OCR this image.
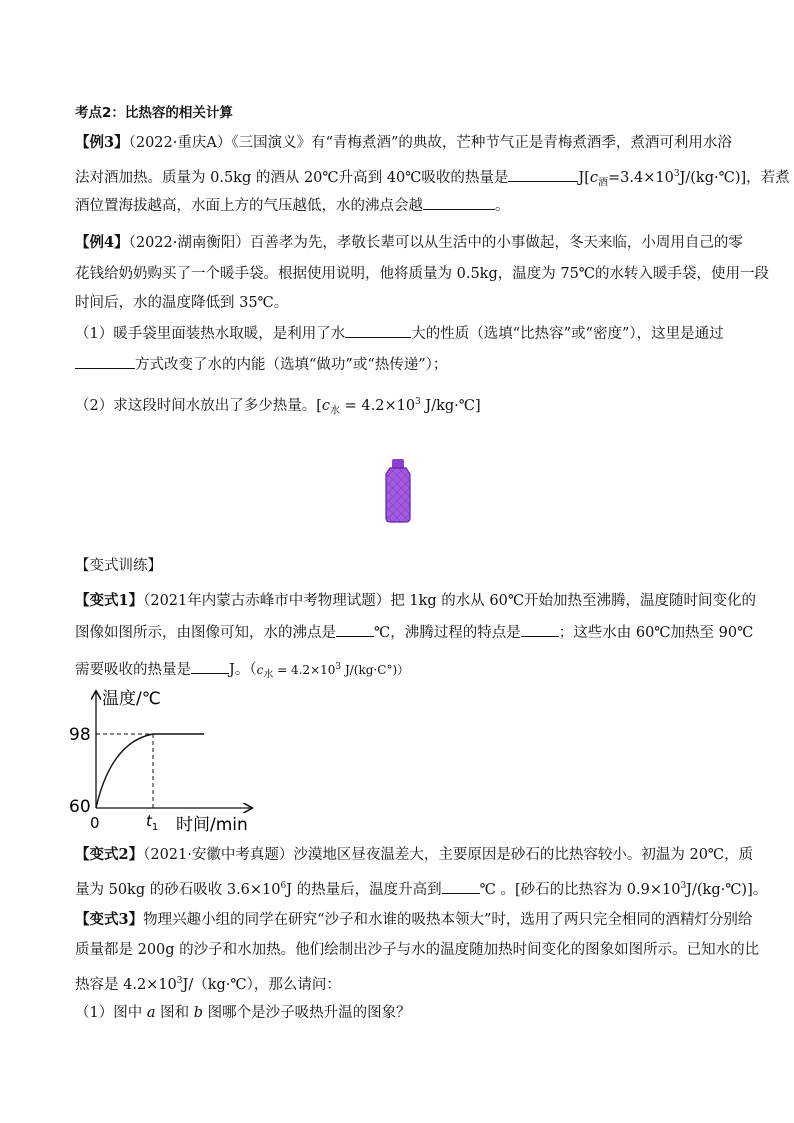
考点2：比热容的相关计算
【例3】（2022·重庆A）《三国演义》有“青梅煮酒”的典故，芒种节气正是青梅煮酒季，煮酒可利用水浴
法对酒加热。质量为 0.5kg 的酒从 20℃升高到 40℃吸收的热量是	$J[c_酒=3.4\times 10^3J/(kg\cdot℃)]$，若煮
酒位置海拔越高，水面上方的气压越低，水的沸点会越	。
【例4】（2022·湖南衡阳）百善孝为先，孝敬长辈可以从生活中的小事做起，冬天来临，小周用自己的零
花钱给奶奶购买了一个暖手袋。根据使用说明，他将质量为 0.5kg，温度为 75℃的水转入暖手袋，使用一段
时间后，水的温度降低到 35℃。
（1）暖手袋里面装热水取暖，是利用了水	大的性质（选填“比热容”或“密度”），这里是通过
方式改变了水的内能（选填“做功”或“热传递”）；
（2）求这段时间水放出了多少热量。[$c_水 = 4.2\times 10^3$ J/kg·℃]
【变式训练】
【变式1】（2021年内蒙古赤峰市中考物理试题）把 1kg 的水从 60℃开始加热至沸腾，温度随时间变化的
图像如图所示，由图像可知，水的沸点是	℃，沸腾过程的特点是	；这些水由 60℃加热至 90℃
需要吸收的热量是	J。（$c_水 = 4.2\times 10^3$ J/(kg·C°)）
温度/℃
时间/min
98
60
0	$t_1$
【变式2】（2021·安徽中考真题）沙漠地区昼夜温差大，主要原因是砂石的比热容较小。初温为 20℃，质
量为 50kg 的砂石吸收 $3.6\times 10^6J$ 的热量后，温度升高到	℃ 。[砂石的比热容为 $0.9\times 10^3J/(kg\cdot℃)$]。
【变式3】物理兴趣小组的同学在研究“沙子和水谁的吸热本领大”时，选用了两只完全相同的酒精灯分别给
质量都是 200g 的沙子和水加热。他们绘制出沙子与水的温度随加热时间变化的图象如图所示。已知水的比
热容是 $4.2\times 10^3J/(kg\cdot℃)$，那么请问：
（1）图中 a 图和 b 图哪个是沙子吸热升温的图象？
